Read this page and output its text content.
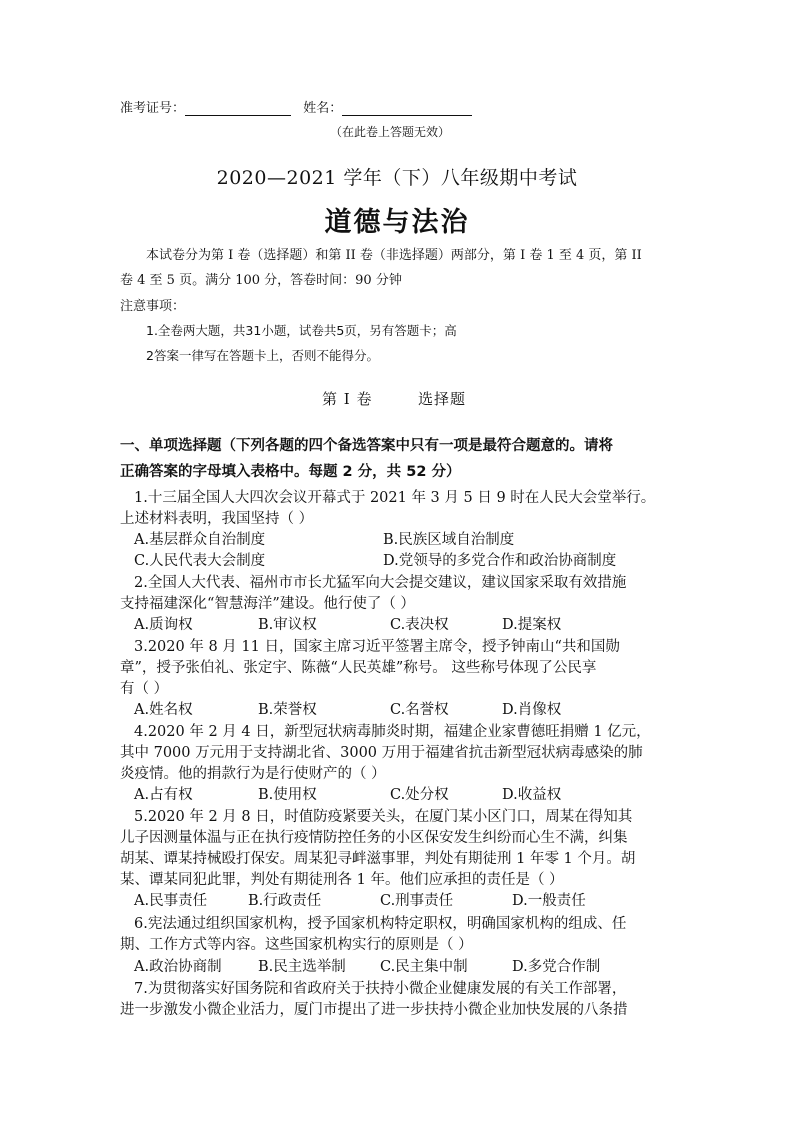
准考证号：	姓名：
（在此卷上答题无效）
2020—2021 学年（下）八年级期中考试
道德与法治
本试卷分为第 I 卷（选择题）和第 II 卷（非选择题）两部分，第 I 卷 1 至 4 页，第 II
卷 4 至 5 页。满分 100 分，答卷时间：90 分钟
注意事项：
1.全卷两大题，共31小题，试卷共5页，另有答题卡；高
2答案一律写在答题卡上，否则不能得分。
第 I 卷	选择题
一、单项选择题（下列各题的四个备选答案中只有一项是最符合题意的。请将
正确答案的字母填入表格中。每题 2 分，共 52 分）
1.十三届全国人大四次会议开幕式于 2021 年 3 月 5 日 9 时在人民大会堂举行。
上述材料表明，我国坚持（ ）
A.基层群众自治制度	B.民族区域自治制度
C.人民代表大会制度	D.党领导的多党合作和政治协商制度
2.全国人大代表、福州市市长尤猛军向大会提交建议，建议国家采取有效措施
支持福建深化“智慧海洋”建设。他行使了（ ）
A.质询权	B.审议权	C.表决权	D.提案权
3.2020 年 8 月 11 日，国家主席习近平签署主席令，授予钟南山“共和国勋
章”，授予张伯礼、张定宇、陈薇“人民英雄”称号。 这些称号体现了公民享
有（ ）
A.姓名权	B.荣誉权	C.名誉权	D.肖像权
4.2020 年 2 月 4 日，新型冠状病毒肺炎时期，福建企业家曹德旺捐赠 1 亿元，
其中 7000 万元用于支持湖北省、3000 万用于福建省抗击新型冠状病毒感染的肺
炎疫情。他的捐款行为是行使财产的（ ）
A.占有权	B.使用权	C.处分权	D.收益权
5.2020 年 2 月 8 日，时值防疫紧要关头，在厦门某小区门口，周某在得知其
儿子因测量体温与正在执行疫情防控任务的小区保安发生纠纷而心生不满，纠集
胡某、谭某持械殴打保安。周某犯寻衅滋事罪，判处有期徒刑 1 年零 1 个月。胡
某、谭某同犯此罪，判处有期徒刑各 1 年。他们应承担的责任是（ ）
A.民事责任	B.行政责任	C.刑事责任	D.一般责任
6.宪法通过组织国家机构，授予国家机构特定职权，明确国家机构的组成、任
期、工作方式等内容。这些国家机构实行的原则是（ ）
A.政治协商制	B.民主选举制 C.民主集中制	D.多党合作制
7.为贯彻落实好国务院和省政府关于扶持小微企业健康发展的有关工作部署，
进一步激发小微企业活力，厦门市提出了进一步扶持小微企业加快发展的八条措
